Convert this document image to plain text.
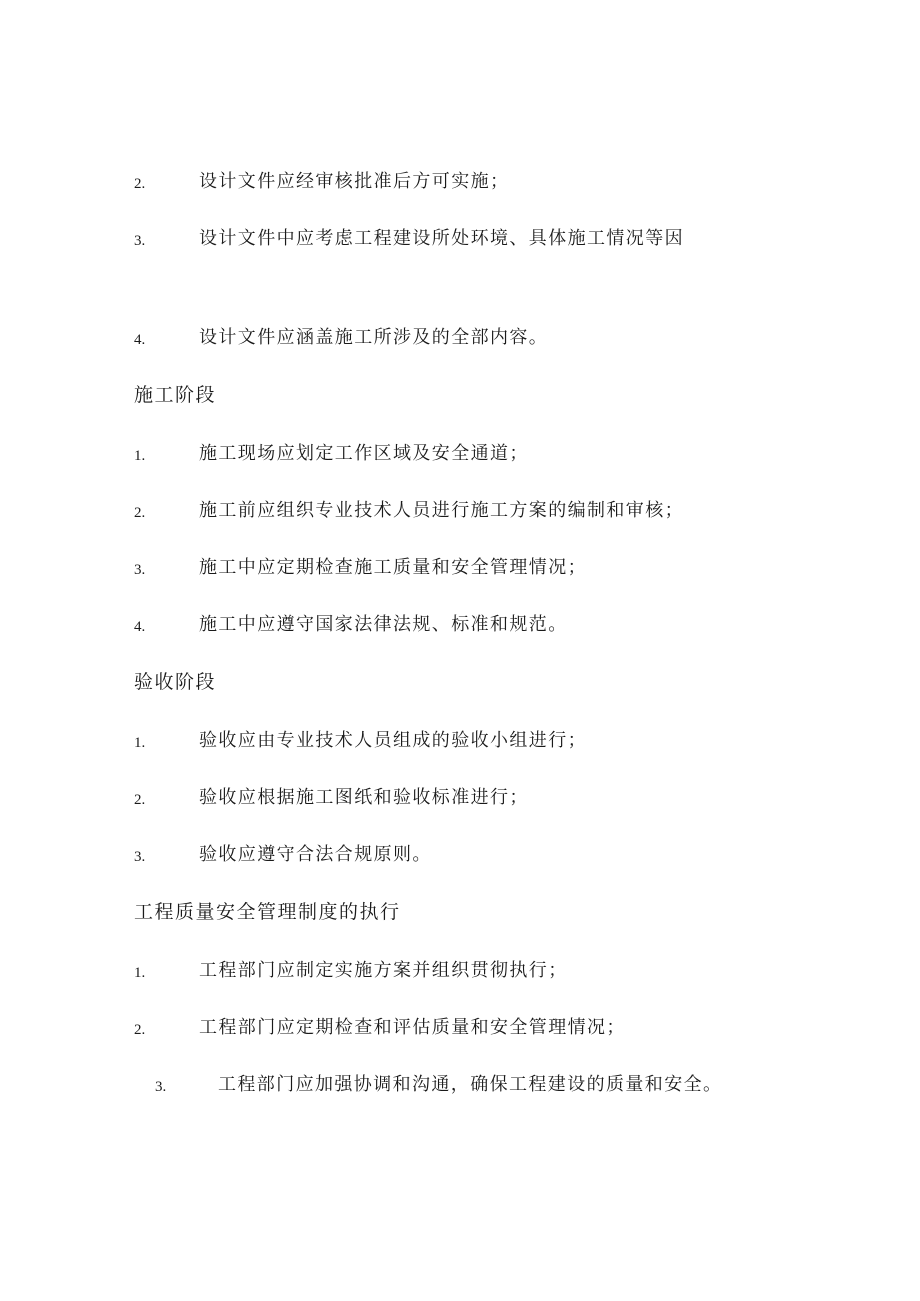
2.	设计文件应经审核批准后方可实施；
3.	设计文件中应考虑工程建设所处环境、具体施工情况等因
4.	设计文件应涵盖施工所涉及的全部内容。
施工阶段
1.	施工现场应划定工作区域及安全通道；
2.	施工前应组织专业技术人员进行施工方案的编制和审核；
3.	施工中应定期检查施工质量和安全管理情况；
4.	施工中应遵守国家法律法规、标准和规范。
验收阶段
1.	验收应由专业技术人员组成的验收小组进行；
2.	验收应根据施工图纸和验收标准进行；
3.	验收应遵守合法合规原则。
工程质量安全管理制度的执行
1.	工程部门应制定实施方案并组织贯彻执行；
2.	工程部门应定期检查和评估质量和安全管理情况；
3.	工程部门应加强协调和沟通，确保工程建设的质量和安全。
